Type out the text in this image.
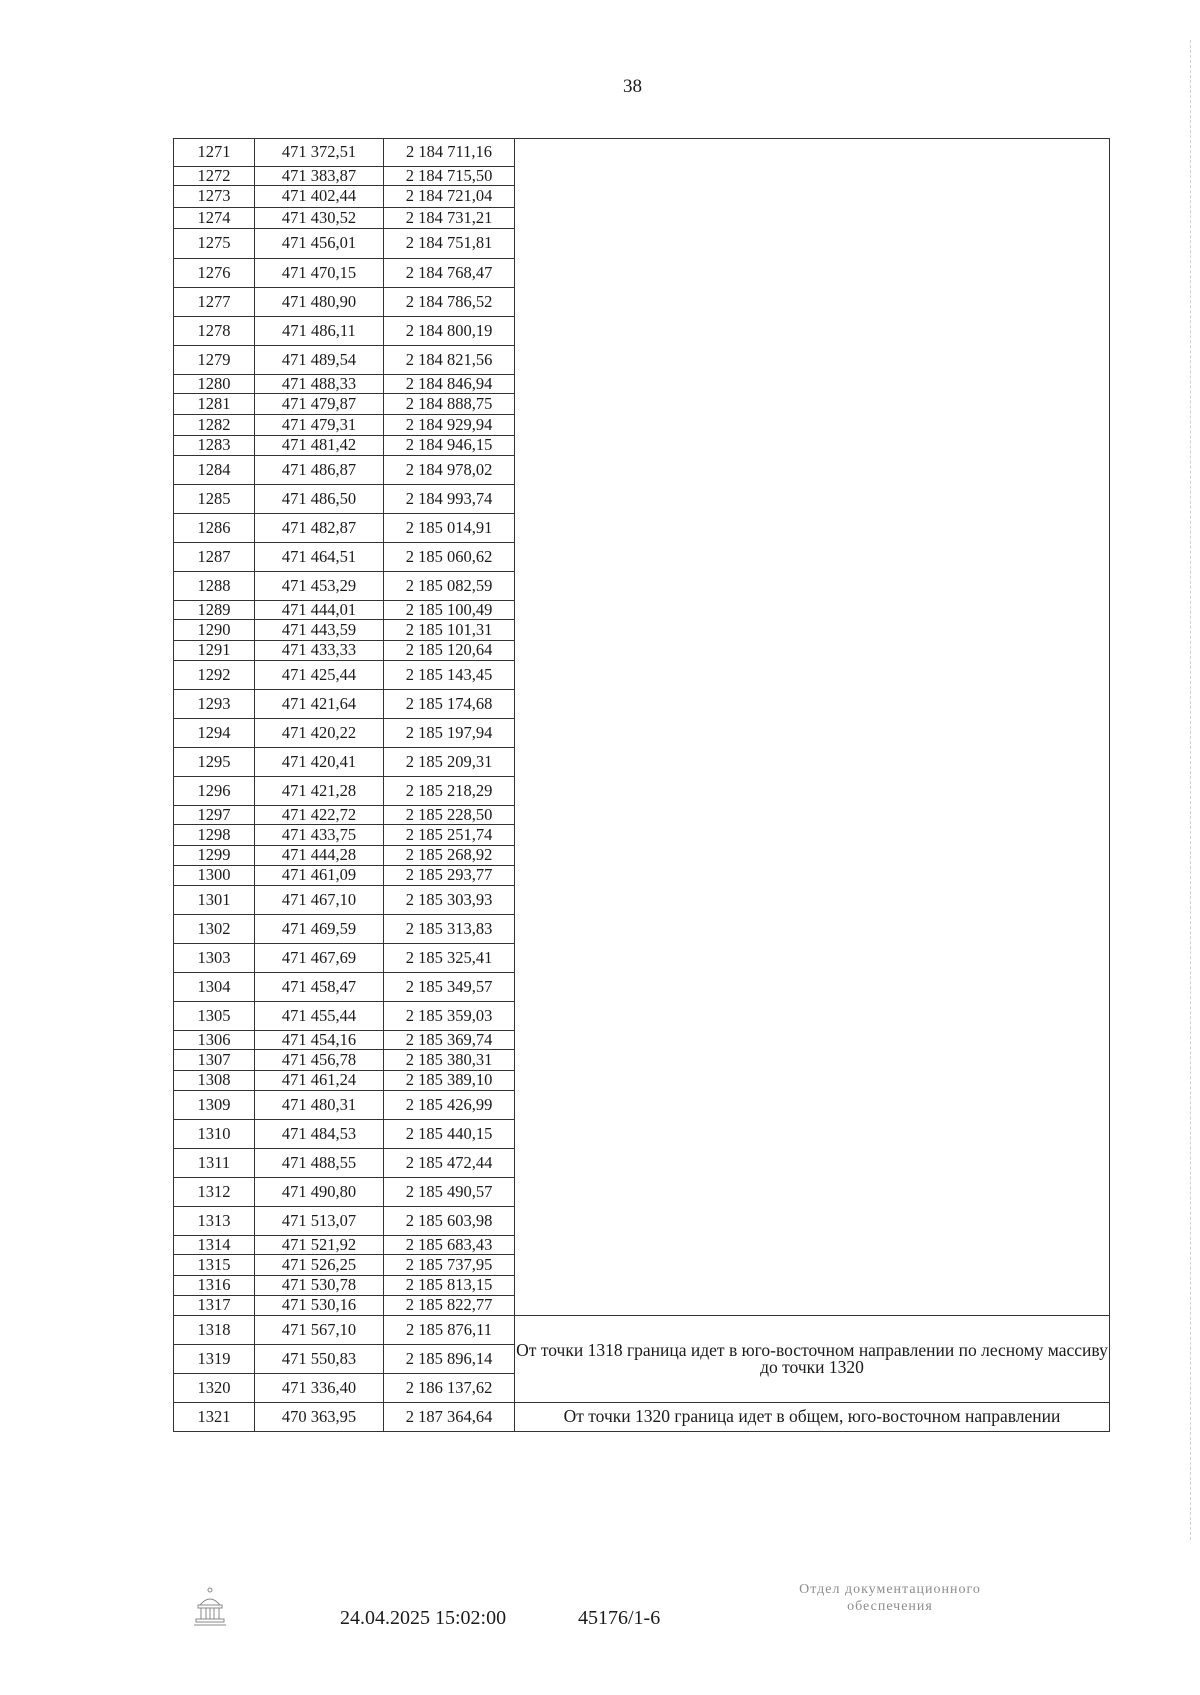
38
1271	471 372,51	2 184 711,16	
1272	471 383,87	2 184 715,50	
1273	471 402,44	2 184 721,04	
1274	471 430,52	2 184 731,21	
1275	471 456,01	2 184 751,81	
1276	471 470,15	2 184 768,47	
1277	471 480,90	2 184 786,52	
1278	471 486,11	2 184 800,19	
1279	471 489,54	2 184 821,56	
1280	471 488,33	2 184 846,94	
1281	471 479,87	2 184 888,75	
1282	471 479,31	2 184 929,94	
1283	471 481,42	2 184 946,15	
1284	471 486,87	2 184 978,02	
1285	471 486,50	2 184 993,74	
1286	471 482,87	2 185 014,91	
1287	471 464,51	2 185 060,62	
1288	471 453,29	2 185 082,59	
1289	471 444,01	2 185 100,49	
1290	471 443,59	2 185 101,31	
1291	471 433,33	2 185 120,64	
1292	471 425,44	2 185 143,45	
1293	471 421,64	2 185 174,68	
1294	471 420,22	2 185 197,94	
1295	471 420,41	2 185 209,31	
1296	471 421,28	2 185 218,29	
1297	471 422,72	2 185 228,50	
1298	471 433,75	2 185 251,74	
1299	471 444,28	2 185 268,92	
1300	471 461,09	2 185 293,77	
1301	471 467,10	2 185 303,93	
1302	471 469,59	2 185 313,83	
1303	471 467,69	2 185 325,41	
1304	471 458,47	2 185 349,57	
1305	471 455,44	2 185 359,03	
1306	471 454,16	2 185 369,74	
1307	471 456,78	2 185 380,31	
1308	471 461,24	2 185 389,10	
1309	471 480,31	2 185 426,99	
1310	471 484,53	2 185 440,15	
1311	471 488,55	2 185 472,44	
1312	471 490,80	2 185 490,57	
1313	471 513,07	2 185 603,98	
1314	471 521,92	2 185 683,43	
1315	471 526,25	2 185 737,95	
1316	471 530,78	2 185 813,15	
1317	471 530,16	2 185 822,77	
1318	471 567,10	2 185 876,11	От точки 1318 граница идет в юго-восточном направлении по лесному массиву до точки 1320
1319	471 550,83	2 185 896,14	
1320	471 336,40	2 186 137,62	
1321	470 363,95	2 187 364,64	От точки 1320 граница идет в общем, юго-восточном направлении
24.04.2025 15:02:00	45176/1-6
Отдел документационного
обеспечения
